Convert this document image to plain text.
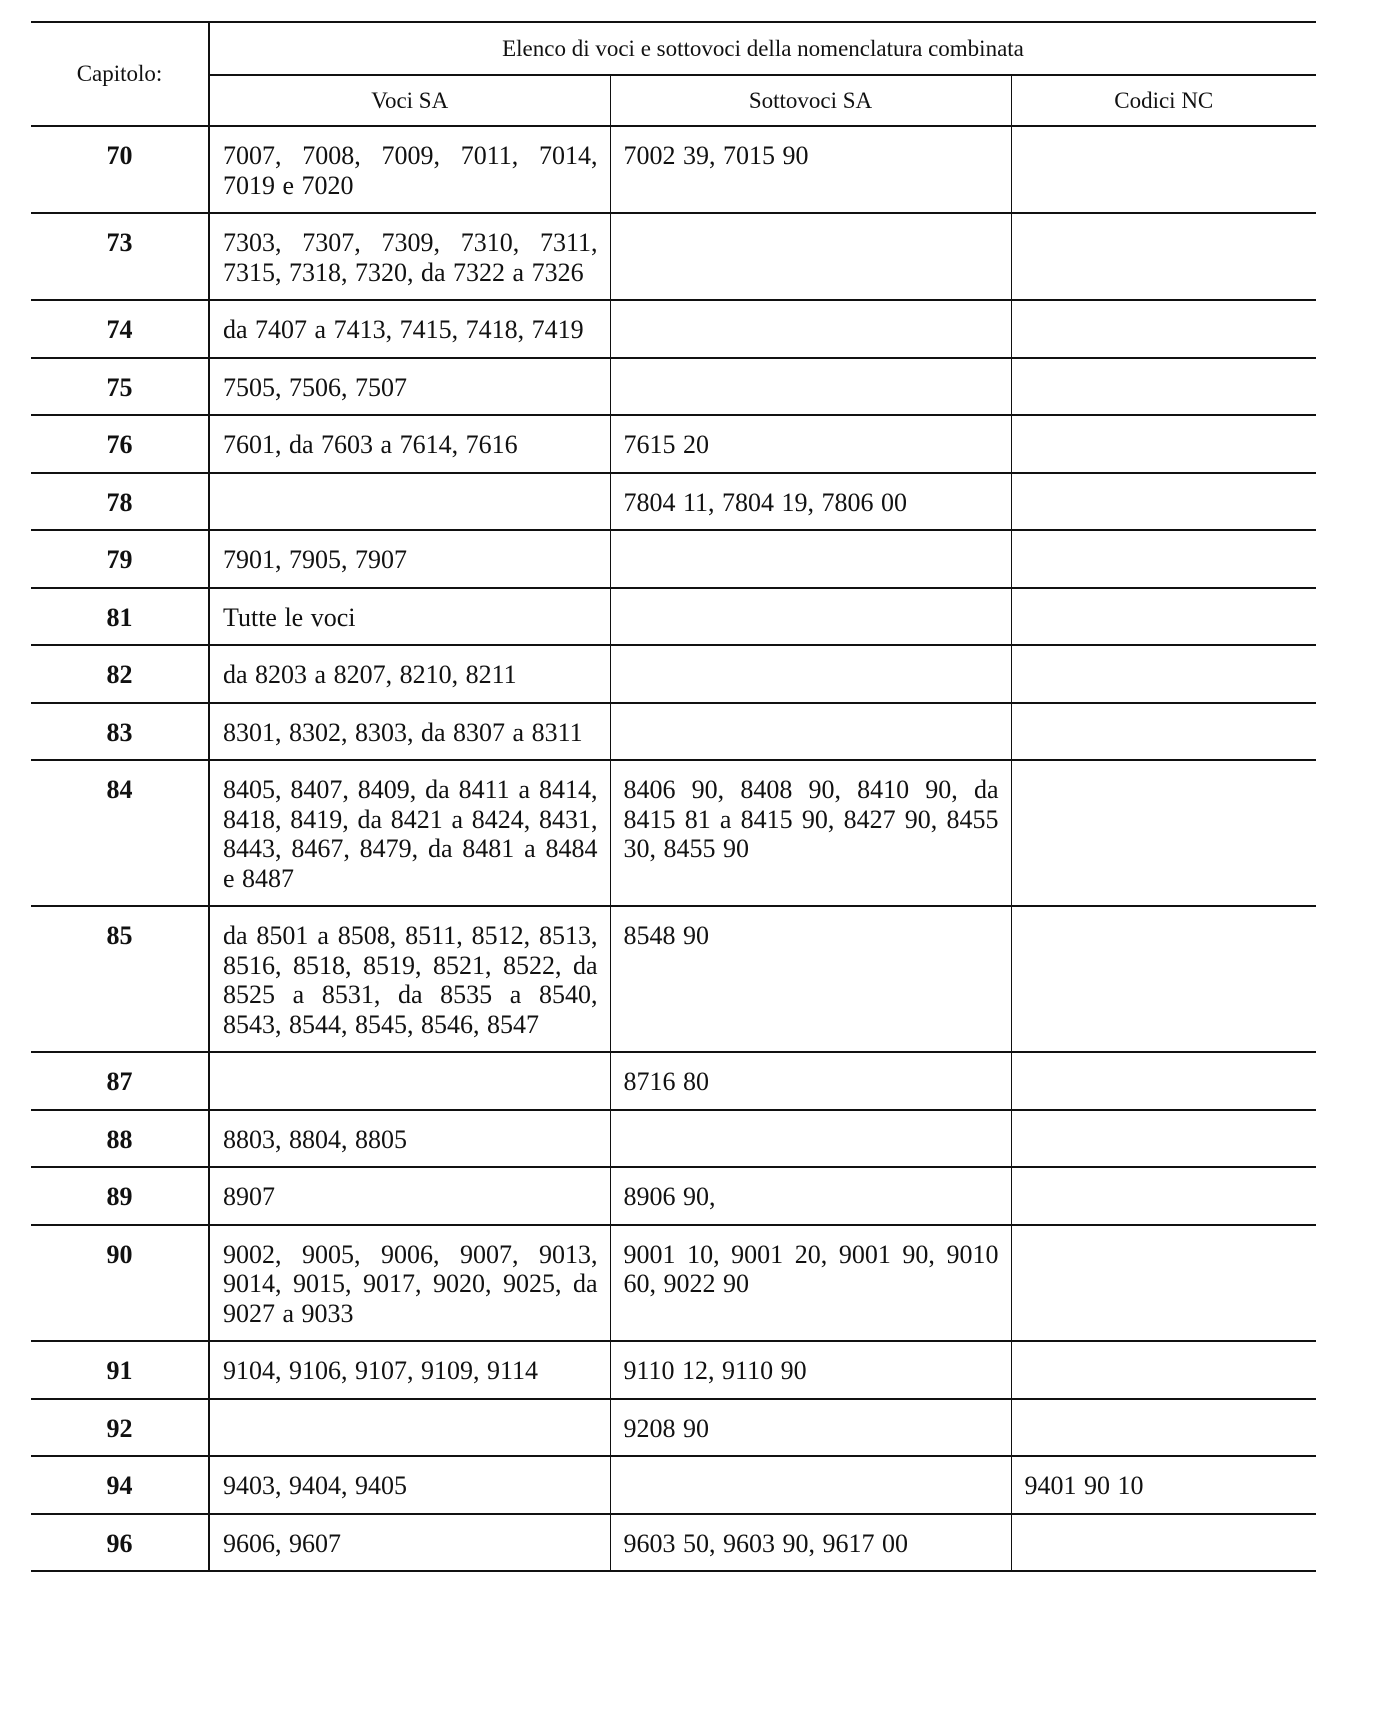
Capitolo:	Elenco di voci e sottovoci della nomenclatura combinata		
	Voci SA	Sottovoci SA	Codici NC
70	7007, 7008, 7009, 7011, 7014, 7019 e 7020	7002 39, 7015 90	
73	7303, 7307, 7309, 7310, 7311, 7315, 7318, 7320, da 7322 a 7326		
74	da 7407 a 7413, 7415, 7418, 7419		
75	7505, 7506, 7507		
76	7601, da 7603 a 7614, 7616	7615 20	
78		7804 11, 7804 19, 7806 00	
79	7901, 7905, 7907		
81	Tutte le voci		
82	da 8203 a 8207, 8210, 8211		
83	8301, 8302, 8303, da 8307 a 8311		
84	8405, 8407, 8409, da 8411 a 8414, 8418, 8419, da 8421 a 8424, 8431, 8443, 8467, 8479, da 8481 a 8484 e 8487	8406 90, 8408 90, 8410 90, da 8415 81 a 8415 90, 8427 90, 8455 30, 8455 90	
85	da 8501 a 8508, 8511, 8512, 8513, 8516, 8518, 8519, 8521, 8522, da 8525 a 8531, da 8535 a 8540, 8543, 8544, 8545, 8546, 8547	8548 90	
87		8716 80	
88	8803, 8804, 8805		
89	8907	8906 90,	
90	9002, 9005, 9006, 9007, 9013, 9014, 9015, 9017, 9020, 9025, da 9027 a 9033	9001 10, 9001 20, 9001 90, 9010 60, 9022 90	
91	9104, 9106, 9107, 9109, 9114	9110 12, 9110 90	
92		9208 90	
94	9403, 9404, 9405		9401 90 10
96	9606, 9607	9603 50, 9603 90, 9617 00	
